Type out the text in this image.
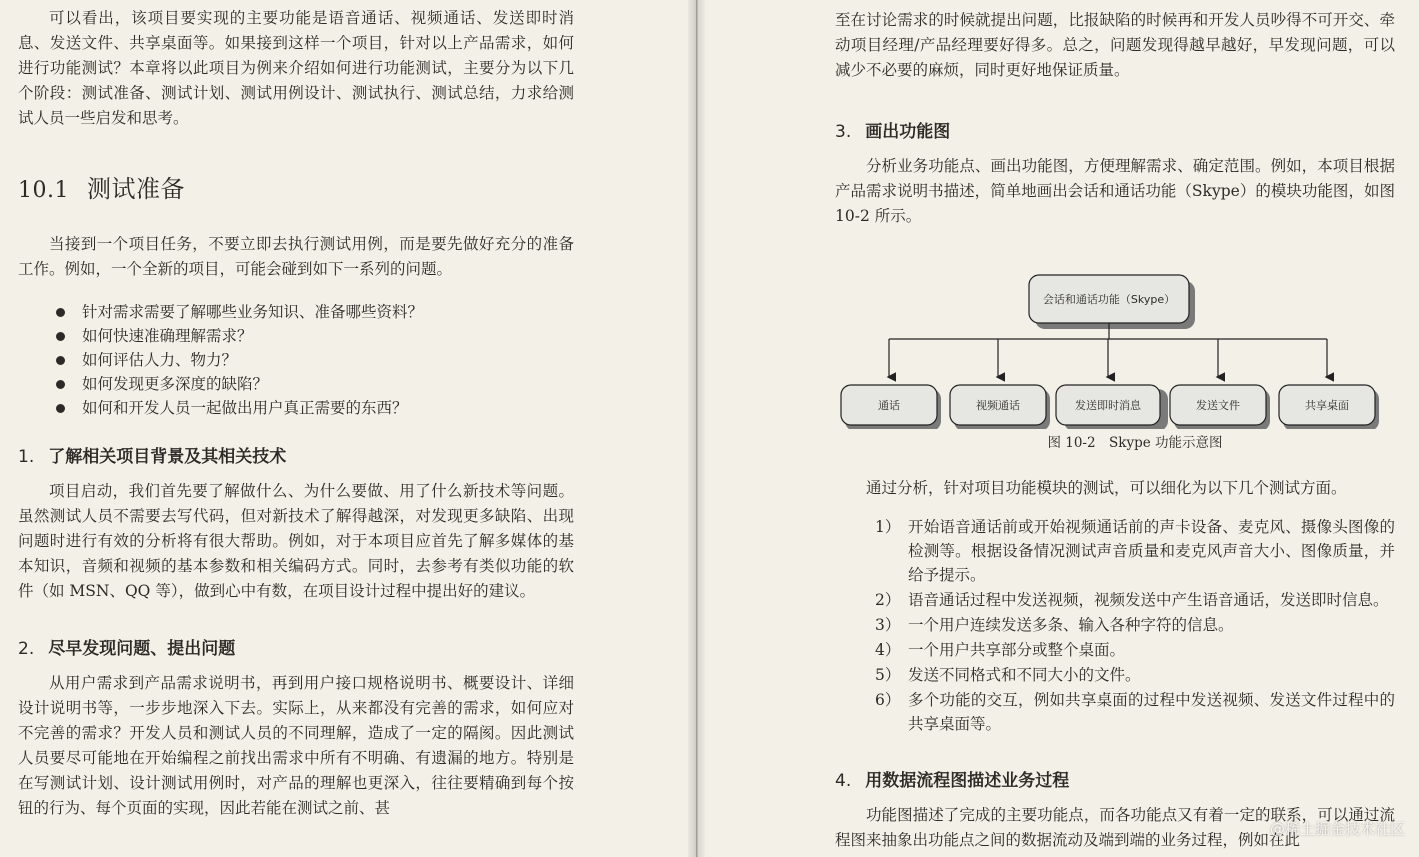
可以看出，该项目要实现的主要功能是语音通话、视频通话、发送即时消息、发送文件、共享桌面等。如果接到这样一个项目，针对以上产品需求，如何进行功能测试？本章将以此项目为例来介绍如何进行功能测试，主要分为以下几个阶段：测试准备、测试计划、测试用例设计、测试执行、测试总结，力求给测试人员一些启发和思考。

10.1 测试准备

当接到一个项目任务，不要立即去执行测试用例，而是要先做好充分的准备工作。例如，一个全新的项目，可能会碰到如下一系列的问题。

针对需求需要了解哪些业务知识、准备哪些资料？
如何快速准确理解需求？
如何评估人力、物力？
如何发现更多深度的缺陷？
如何和开发人员一起做出用户真正需要的东西？
1. 了解相关项目背景及其相关技术

项目启动，我们首先要了解做什么、为什么要做、用了什么新技术等问题。虽然测试人员不需要去写代码，但对新技术了解得越深，对发现更多缺陷、出现问题时进行有效的分析将有很大帮助。例如，对于本项目应首先了解多媒体的基本知识，音频和视频的基本参数和相关编码方式。同时，去参考有类似功能的软件（如 MSN、QQ 等），做到心中有数，在项目设计过程中提出好的建议。

2. 尽早发现问题、提出问题

从用户需求到产品需求说明书，再到用户接口规格说明书、概要设计、详细设计说明书等，一步步地深入下去。实际上，从来都没有完善的需求，如何应对不完善的需求？开发人员和测试人员的不同理解，造成了一定的隔阂。因此测试人员要尽可能地在开始编程之前找出需求中所有不明确、有遗漏的地方。特别是在写测试计划、设计测试用例时，对产品的理解也更深入，往往要精确到每个按钮的行为、每个页面的实现，因此若能在测试之前、甚

至在讨论需求的时候就提出问题，比报缺陷的时候再和开发人员吵得不可开交、牵动项目经理/产品经理要好得多。总之，问题发现得越早越好，早发现问题，可以减少不必要的麻烦，同时更好地保证质量。

3. 画出功能图

分析业务功能点、画出功能图，方便理解需求、确定范围。例如，本项目根据产品需求说明书描述，简单地画出会话和通话功能（Skype）的模块功能图，如图 10-2 所示。

会话和通话功能（Skype）
通话	视频通话	发送即时消息	发送文件	共享桌面

图 10-2　Skype 功能示意图

通过分析，针对项目功能模块的测试，可以细化为以下几个测试方面。

1） 开始语音通话前或开始视频通话前的声卡设备、麦克风、摄像头图像的检测等。根据设备情况测试声音质量和麦克风声音大小、图像质量，并给予提示。
2） 语音通话过程中发送视频，视频发送中产生语音通话，发送即时信息。
3） 一个用户连续发送多条、输入各种字符的信息。
4） 一个用户共享部分或整个桌面。
5） 发送不同格式和不同大小的文件。
6） 多个功能的交互，例如共享桌面的过程中发送视频、发送文件过程中的共享桌面等。
4. 用数据流程图描述业务过程

功能图描述了完成的主要功能点，而各功能点又有着一定的联系，可以通过流程图来抽象出功能点之间的数据流动及端到端的业务过程，例如在此

@稀土掘金技术社区
